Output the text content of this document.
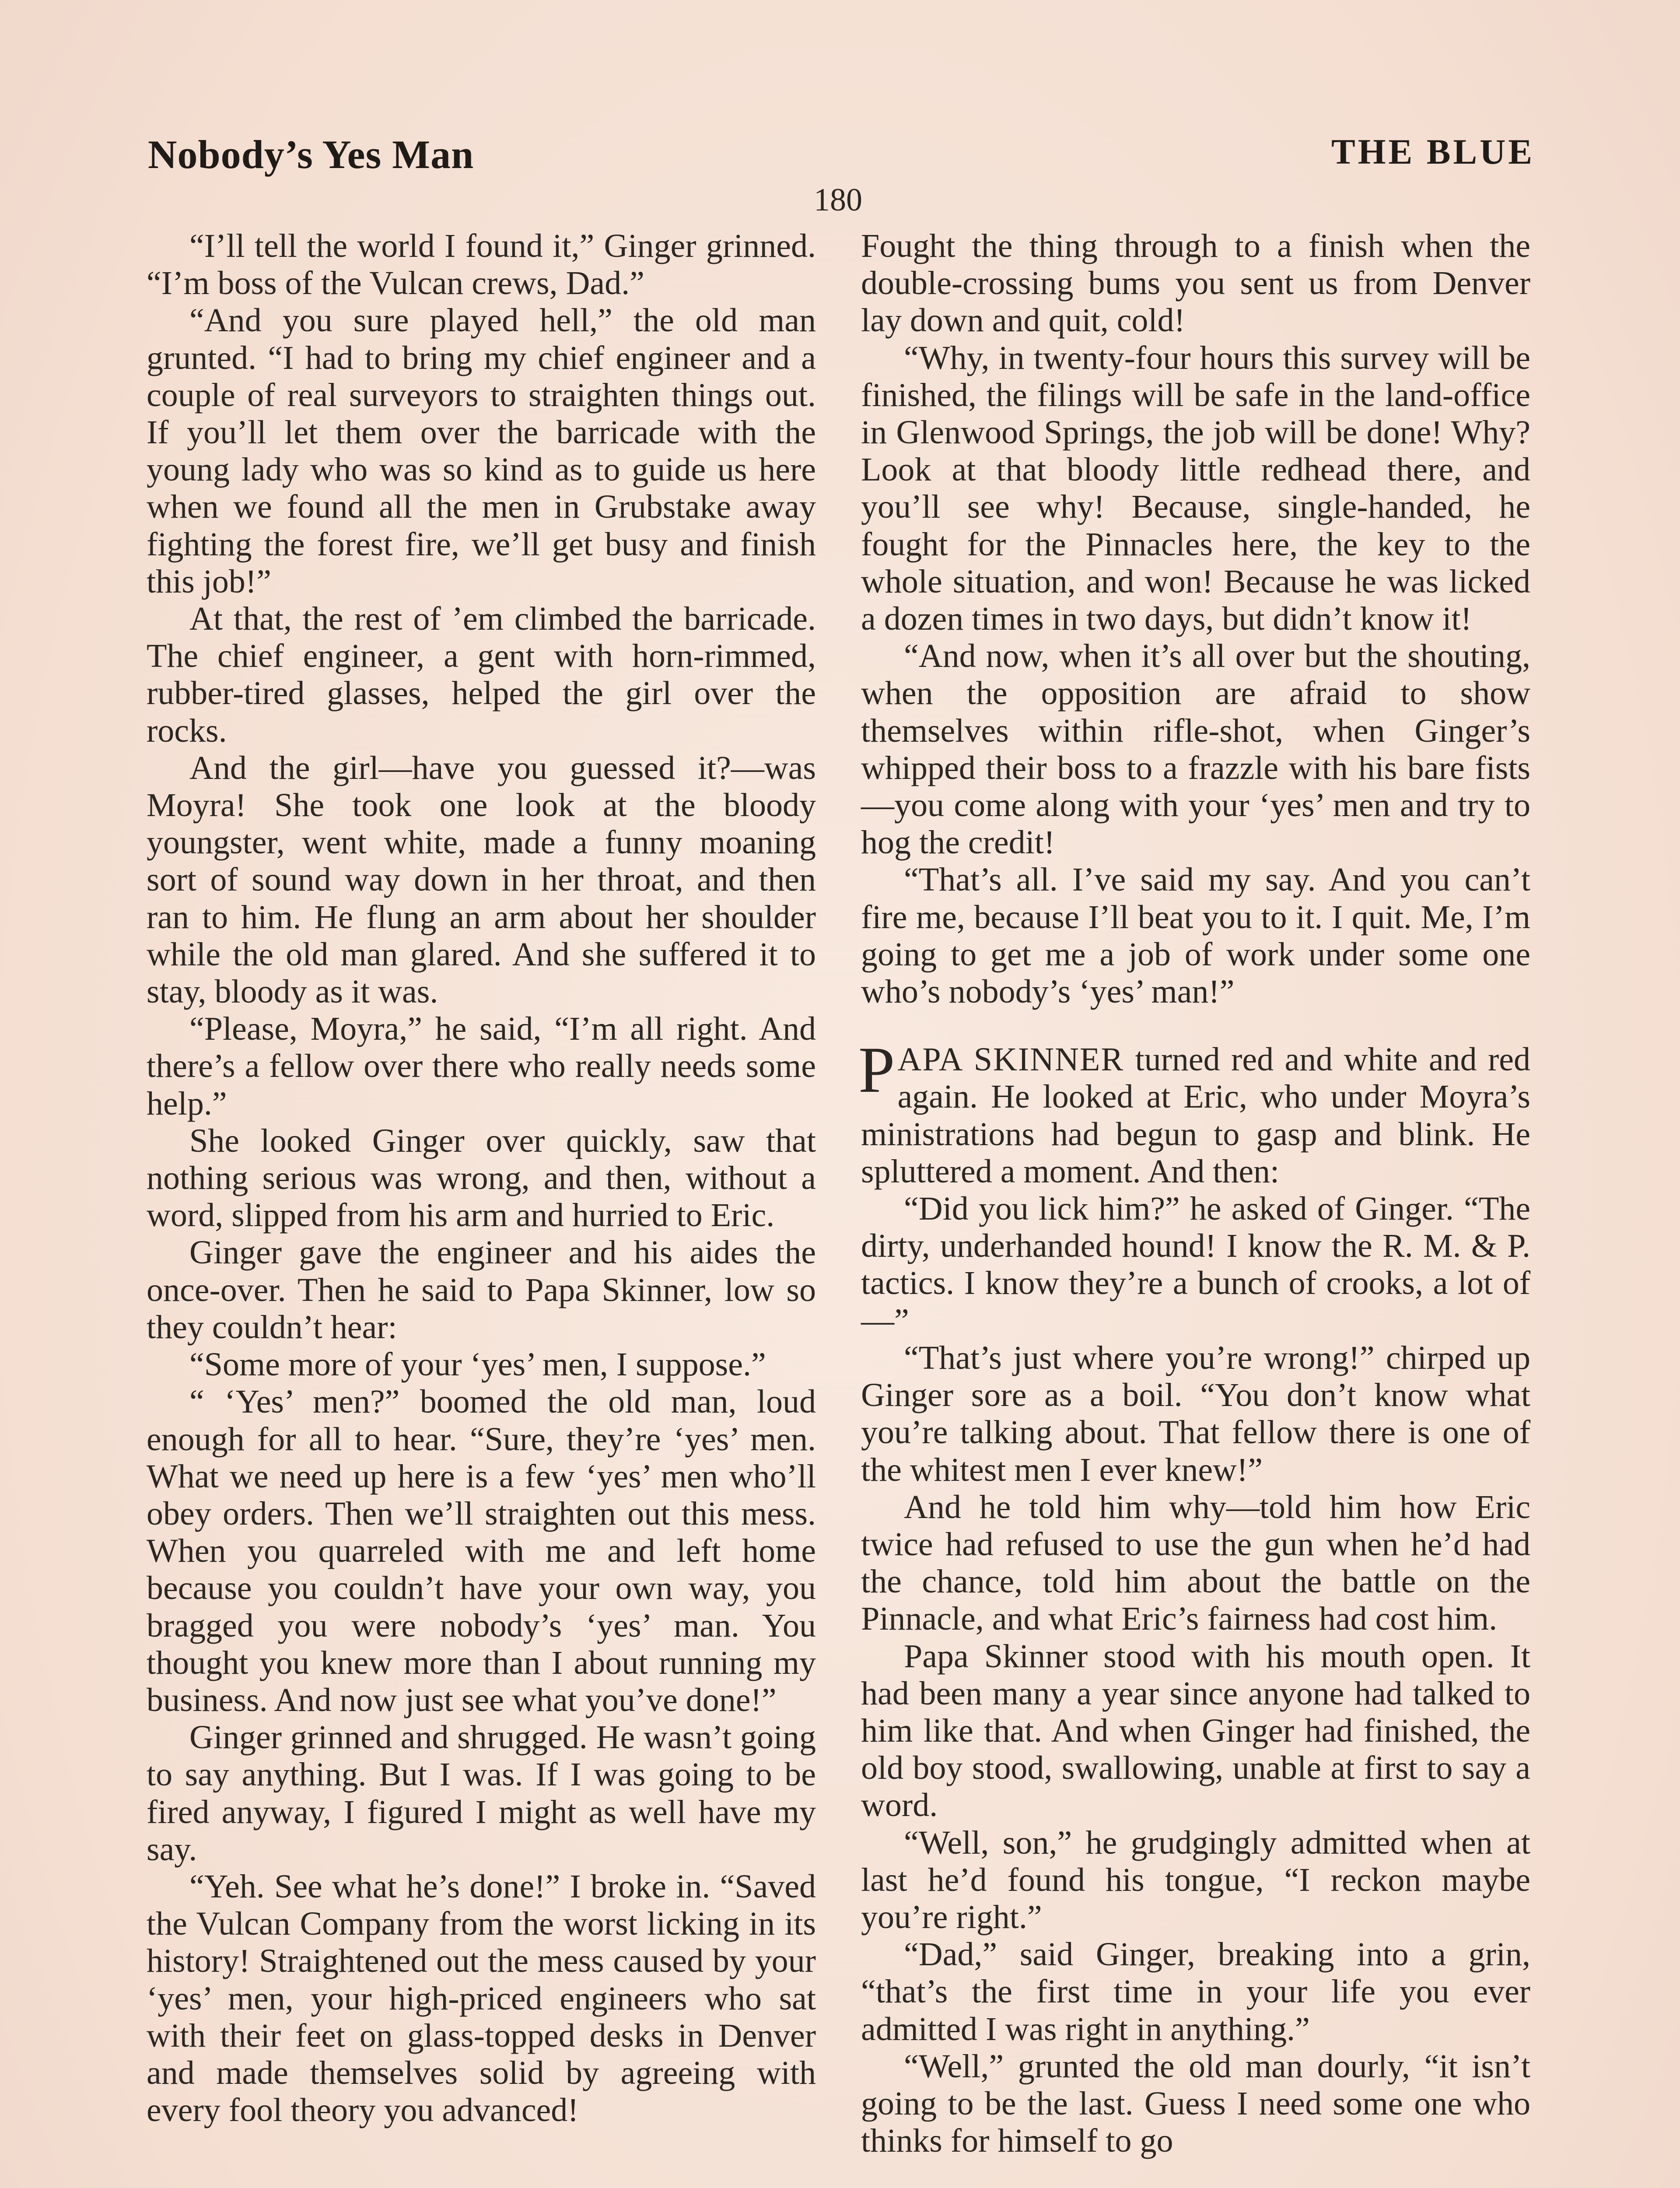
Nobody’s Yes Man	THE BLUE
180

“I’ll tell the world I found it,” Ginger grinned. “I’m boss of the Vulcan crews, Dad.”

“And you sure played hell,” the old man grunted. “I had to bring my chief engineer and a couple of real surveyors to straighten things out. If you’ll let them over the barricade with the young lady who was so kind as to guide us here when we found all the men in Grubstake away fighting the forest fire, we’ll get busy and finish this job!”

At that, the rest of ’em climbed the barricade. The chief engineer, a gent with horn-rimmed, rubber-tired glasses, helped the girl over the rocks.

And the girl—have you guessed it?—was Moyra! She took one look at the bloody youngster, went white, made a funny moaning sort of sound way down in her throat, and then ran to him. He flung an arm about her shoulder while the old man glared. And she suffered it to stay, bloody as it was.

“Please, Moyra,” he said, “I’m all right. And there’s a fellow over there who really needs some help.”

She looked Ginger over quickly, saw that nothing serious was wrong, and then, without a word, slipped from his arm and hurried to Eric.

Ginger gave the engineer and his aides the once-over. Then he said to Papa Skinner, low so they couldn’t hear:

“Some more of your ‘yes’ men, I suppose.”

“ ‘Yes’ men?” boomed the old man, loud enough for all to hear. “Sure, they’re ‘yes’ men. What we need up here is a few ‘yes’ men who’ll obey orders. Then we’ll straighten out this mess. When you quarreled with me and left home because you couldn’t have your own way, you bragged you were nobody’s ‘yes’ man. You thought you knew more than I about running my business. And now just see what you’ve done!”

Ginger grinned and shrugged. He wasn’t going to say anything. But I was. If I was going to be fired anyway, I figured I might as well have my say.

“Yeh. See what he’s done!” I broke in. “Saved the Vulcan Company from the worst licking in its history! Straightened out the mess caused by your ‘yes’ men, your high-priced engineers who sat with their feet on glass-topped desks in Denver and made themselves solid by agreeing with every fool theory you advanced!

Fought the thing through to a finish when the double-crossing bums you sent us from Denver lay down and quit, cold!

“Why, in twenty-four hours this survey will be finished, the filings will be safe in the land-office in Glenwood Springs, the job will be done! Why? Look at that bloody little redhead there, and you’ll see why! Because, single-handed, he fought for the Pinnacles here, the key to the whole situation, and won! Because he was licked a dozen times in two days, but didn’t know it!

“And now, when it’s all over but the shouting, when the opposition are afraid to show themselves within rifle-shot, when Ginger’s whipped their boss to a frazzle with his bare fists—you come along with your ‘yes’ men and try to hog the credit!

“That’s all. I’ve said my say. And you can’t fire me, because I’ll beat you to it. I quit. Me, I’m going to get me a job of work under some one who’s nobody’s ‘yes’ man!”

PAPA SKINNER turned red and white and red again. He looked at Eric, who under Moyra’s ministrations had begun to gasp and blink. He spluttered a moment. And then:

“Did you lick him?” he asked of Ginger. “The dirty, underhanded hound! I know the R. M. & P. tactics. I know they’re a bunch of crooks, a lot of—”

“That’s just where you’re wrong!” chirped up Ginger sore as a boil. “You don’t know what you’re talking about. That fellow there is one of the whitest men I ever knew!”

And he told him why—told him how Eric twice had refused to use the gun when he’d had the chance, told him about the battle on the Pinnacle, and what Eric’s fairness had cost him.

Papa Skinner stood with his mouth open. It had been many a year since anyone had talked to him like that. And when Ginger had finished, the old boy stood, swallowing, unable at first to say a word.

“Well, son,” he grudgingly admitted when at last he’d found his tongue, “I reckon maybe you’re right.”

“Dad,” said Ginger, breaking into a grin, “that’s the first time in your life you ever admitted I was right in anything.”

“Well,” grunted the old man dourly, “it isn’t going to be the last. Guess I need some one who thinks for himself to go
